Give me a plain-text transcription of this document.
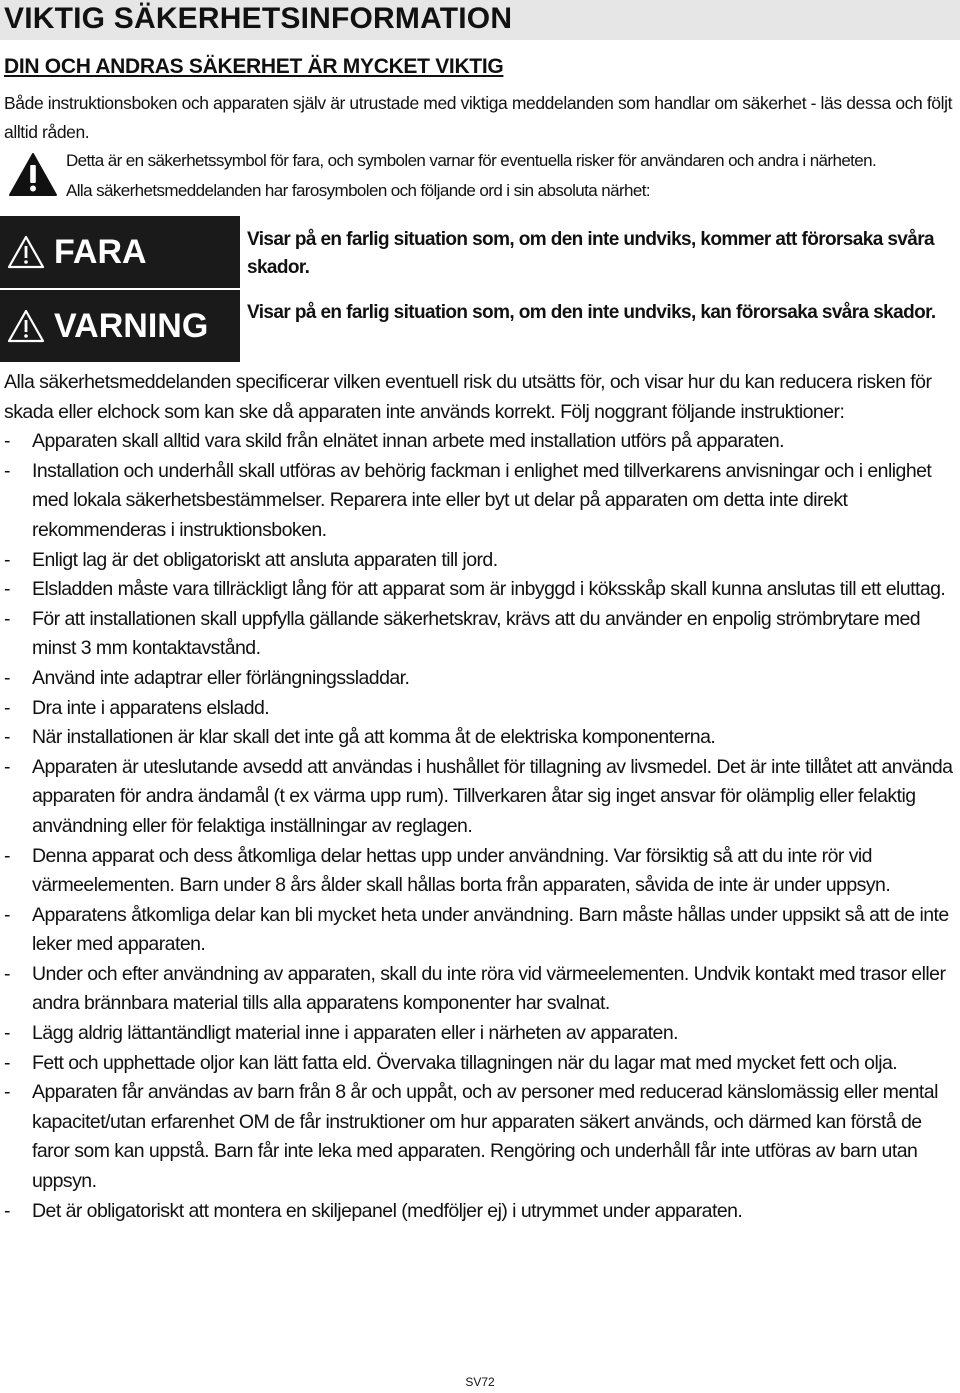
VIKTIG SÄKERHETSINFORMATION
DIN OCH ANDRAS SÄKERHET ÄR MYCKET VIKTIG
Både instruktionsboken och apparaten själv är utrustade med viktiga meddelanden som handlar om säkerhet - läs dessa och följt alltid råden.
Detta är en säkerhetssymbol för fara, och symbolen varnar för eventuella risker för användaren och andra i närheten.
Alla säkerhetsmeddelanden har farosymbolen och följande ord i sin absoluta närhet:
FARA	Visar på en farlig situation som, om den inte undviks, kommer att förorsaka svåra skador.
VARNING Visar på en farlig situation som, om den inte undviks, kan förorsaka svåra skador.

Alla säkerhetsmeddelanden specificerar vilken eventuell risk du utsätts för, och visar hur du kan reducera risken för skada eller elchock som kan ske då apparaten inte används korrekt. Följ noggrant följande instruktioner:

- Apparaten skall alltid vara skild från elnätet innan arbete med installation utförs på apparaten.
- Installation och underhåll skall utföras av behörig fackman i enlighet med tillverkarens anvisningar och i enlighet med lokala säkerhetsbestämmelser. Reparera inte eller byt ut delar på apparaten om detta inte direkt rekommenderas i instruktionsboken.
- Enligt lag är det obligatoriskt att ansluta apparaten till jord.
- Elsladden måste vara tillräckligt lång för att apparat som är inbyggd i köksskåp skall kunna anslutas till ett eluttag.
- För att installationen skall uppfylla gällande säkerhetskrav, krävs att du använder en enpolig strömbrytare med minst 3 mm kontaktavstånd.
- Använd inte adaptrar eller förlängningssladdar.
- Dra inte i apparatens elsladd.
- När installationen är klar skall det inte gå att komma åt de elektriska komponenterna.
- Apparaten är uteslutande avsedd att användas i hushållet för tillagning av livsmedel. Det är inte tillåtet att använda apparaten för andra ändamål (t ex värma upp rum). Tillverkaren åtar sig inget ansvar för olämplig eller felaktig användning eller för felaktiga inställningar av reglagen.
- Denna apparat och dess åtkomliga delar hettas upp under användning. Var försiktig så att du inte rör vid värmeelementen. Barn under 8 års ålder skall hållas borta från apparaten, såvida de inte är under uppsyn.
- Apparatens åtkomliga delar kan bli mycket heta under användning. Barn måste hållas under uppsikt så att de inte leker med apparaten.
- Under och efter användning av apparaten, skall du inte röra vid värmeelementen. Undvik kontakt med trasor eller andra brännbara material tills alla apparatens komponenter har svalnat.
- Lägg aldrig lättantändligt material inne i apparaten eller i närheten av apparaten.
- Fett och upphettade oljor kan lätt fatta eld. Övervaka tillagningen när du lagar mat med mycket fett och olja.
- Apparaten får användas av barn från 8 år och uppåt, och av personer med reducerad känslomässig eller mental kapacitet/utan erfarenhet OM de får instruktioner om hur apparaten säkert används, och därmed kan förstå de faror som kan uppstå. Barn får inte leka med apparaten. Rengöring och underhåll får inte utföras av barn utan uppsyn.
- Det är obligatoriskt att montera en skiljepanel (medföljer ej) i utrymmet under apparaten.
SV72
